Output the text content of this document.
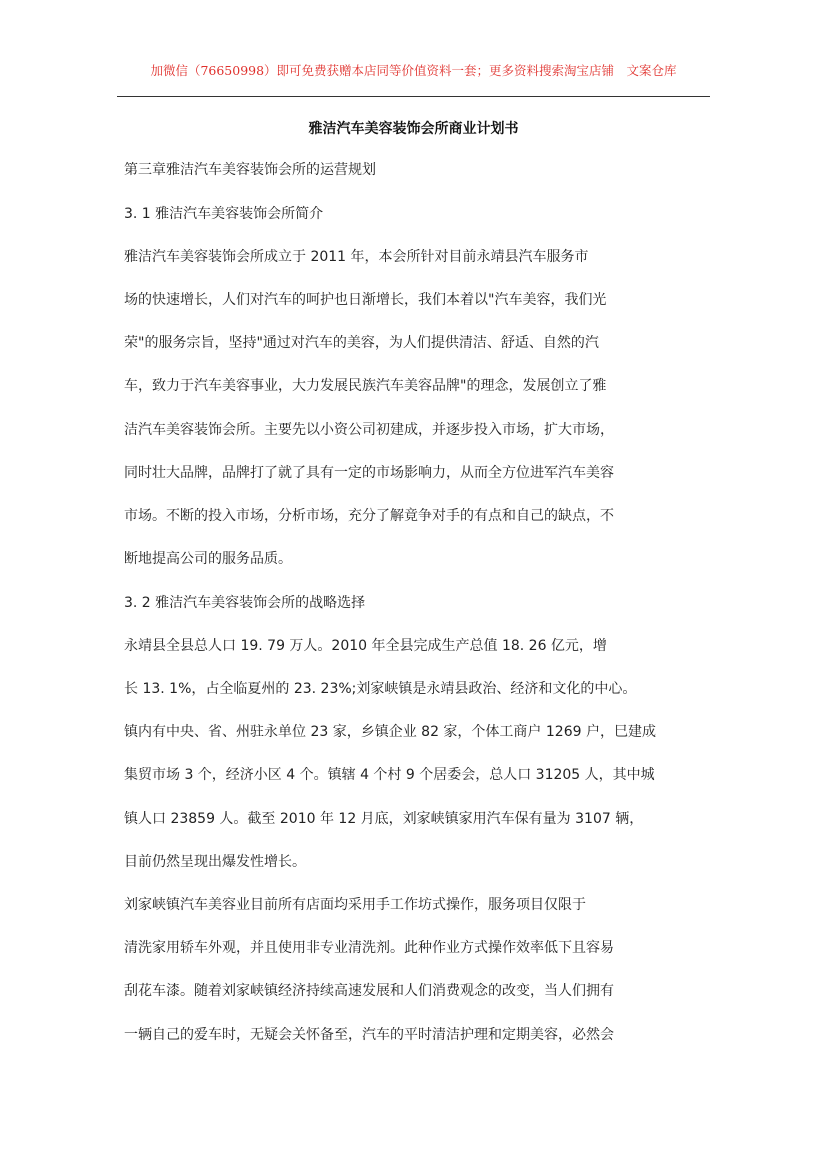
加微信（76650998）即可免费获赠本店同等价值资料一套；更多资料搜索淘宝店铺　文案仓库
雅洁汽车美容装饰会所商业计划书
第三章雅洁汽车美容装饰会所的运营规划
3. 1 雅洁汽车美容装饰会所简介
雅洁汽车美容装饰会所成立于 2011 年，本会所针对目前永靖县汽车服务市
场的快速增长，人们对汽车的呵护也日渐增长，我们本着以"汽车美容，我们光
荣"的服务宗旨，坚持"通过对汽车的美容，为人们提供清洁、舒适、自然的汽
车，致力于汽车美容事业，大力发展民族汽车美容品牌"的理念，发展创立了雅
洁汽车美容装饰会所。主要先以小资公司初建成，并逐步投入市场，扩大市场，
同时壮大品牌，品牌打了就了具有一定的市场影响力，从而全方位进军汽车美容
市场。不断的投入市场，分析市场，充分了解竟争对手的有点和自己的缺点，不
断地提高公司的服务品质。
3. 2 雅洁汽车美容装饰会所的战略选择
永靖县全县总人口 19. 79 万人。2010 年全县完成生产总值 18. 26 亿元，增
长 13. 1%，占全临夏州的 23. 23%;刘家峡镇是永靖县政治、经济和文化的中心。
镇内有中央、省、州驻永单位 23 家，乡镇企业 82 家，个体工商户 1269 户，巳建成
集贸市场 3 个，经济小区 4 个。镇辖 4 个村 9 个居委会，总人口 31205 人，其中城
镇人口 23859 人。截至 2010 年 12 月底，刘家峡镇家用汽车保有量为 3107 辆，
目前仍然呈现出爆发性增长。
刘家峡镇汽车美容业目前所有店面均采用手工作坊式操作，服务项目仅限于
清洗家用轿车外观，并且使用非专业清洗剂。此种作业方式操作效率低下且容易
刮花车漆。随着刘家峡镇经济持续高速发展和人们消费观念的改变，当人们拥有
一辆自己的爱车时，无疑会关怀备至，汽车的平时清洁护理和定期美容，必然会
